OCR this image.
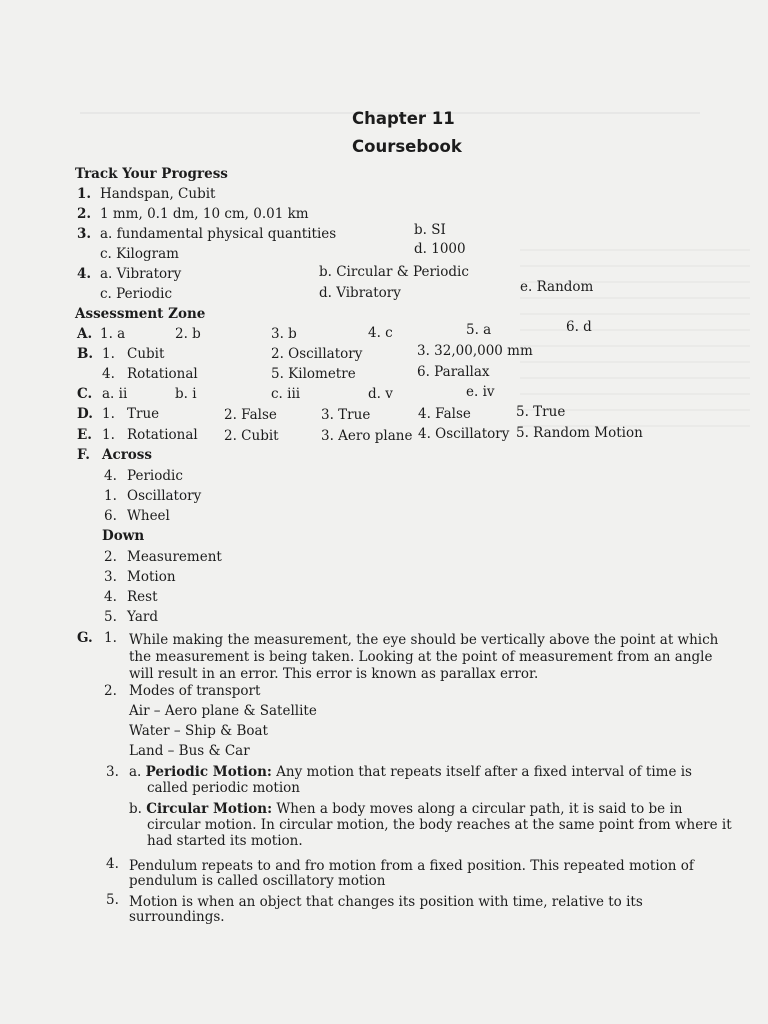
Chapter 11
Coursebook
Track Your Progress
1. Handspan, Cubit
2. 1 mm, 0.1 dm, 10 cm, 0.01 km
3. a. fundamental physical quantities	b. SI
c. Kilogram	d. 1000
4. a. Vibratory	b. Circular & Periodic
c. Periodic	d. Vibratory	e. Random
Assessment Zone
A. 1. a	2. b	3. b	4. c	5. a	6. d
B. 1. Cubit	2. Oscillatory	3. 32,00,000 mm
4. Rotational	5. Kilometre	6. Parallax
C. a. ii	b. i	c. iii	d. v	e. iv
D. 1. True	2. False	3. True	4. False	5. True
E. 1. Rotational 2. Cubit	3. Aero plane 4. Oscillatory 5. Random Motion
F. Across
4. Periodic
1. Oscillatory
6. Wheel
Down
2. Measurement
3. Motion
4. Rest
5. Yard
G. 1. While making the measurement, the eye should be vertically above the point at which
the measurement is being taken. Looking at the point of measurement from an angle
will result in an error. This error is known as parallax error.
2. Modes of transport
Air – Aero plane & Satellite
Water – Ship & Boat
Land – Bus & Car
3. a. Periodic Motion: Any motion that repeats itself after a fixed interval of time is
called periodic motion
b. Circular Motion: When a body moves along a circular path, it is said to be in
circular motion. In circular motion, the body reaches at the same point from where it
had started its motion.
4. Pendulum repeats to and fro motion from a fixed position. This repeated motion of
pendulum is called oscillatory motion
5. Motion is when an object that changes its position with time, relative to its
surroundings.
